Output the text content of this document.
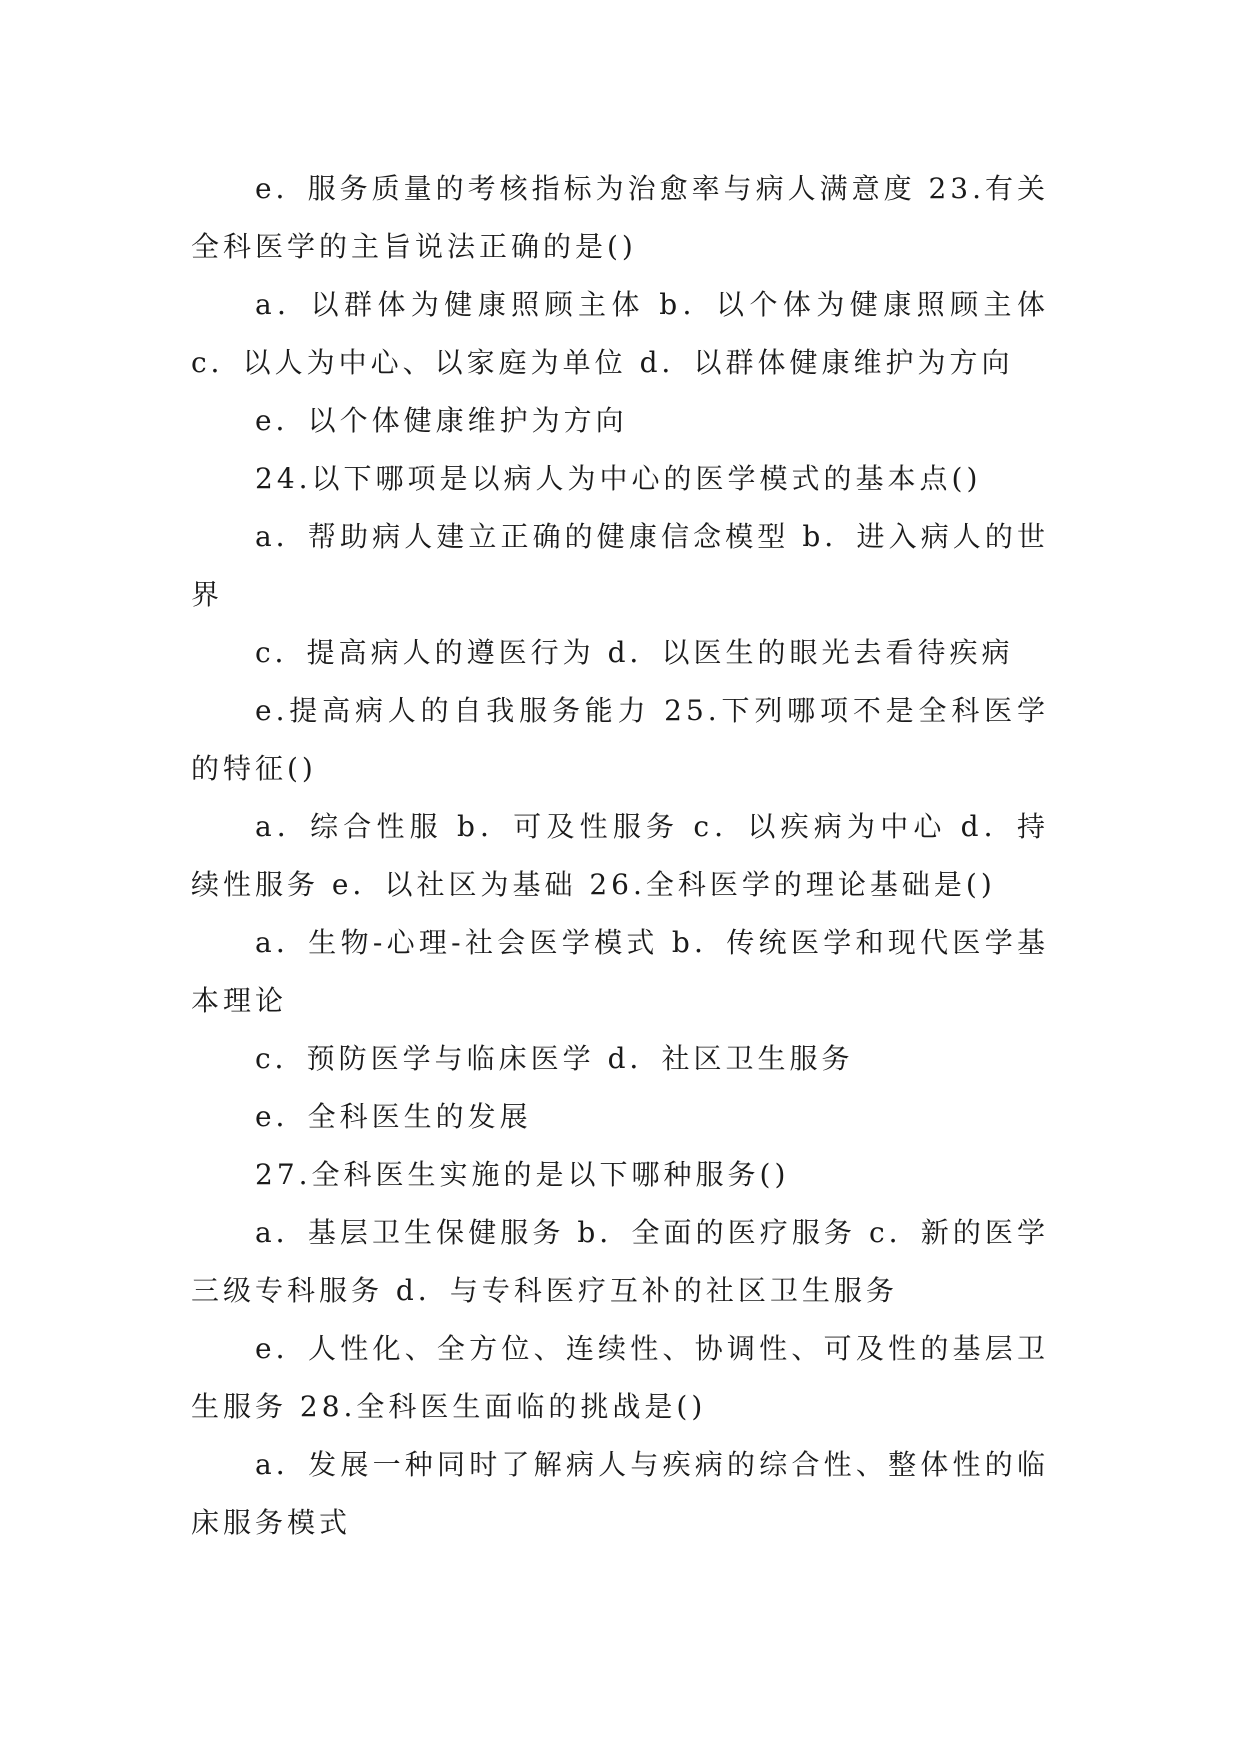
e．服务质量的考核指标为治愈率与病人满意度 23.有关全科医学的主旨说法正确的是()

a．以群体为健康照顾主体 b．以个体为健康照顾主体 c．以人为中心、以家庭为单位 d．以群体健康维护为方向

e．以个体健康维护为方向

24.以下哪项是以病人为中心的医学模式的基本点()

a．帮助病人建立正确的健康信念模型 b．进入病人的世界

c．提高病人的遵医行为 d．以医生的眼光去看待疾病

e.提高病人的自我服务能力 25.下列哪项不是全科医学的特征()

a．综合性服 b．可及性服务 c．以疾病为中心 d．持续性服务 e．以社区为基础 26.全科医学的理论基础是()

a．生物-心理-社会医学模式 b．传统医学和现代医学基本理论

c．预防医学与临床医学 d．社区卫生服务

e．全科医生的发展

27.全科医生实施的是以下哪种服务()

a．基层卫生保健服务 b．全面的医疗服务 c．新的医学三级专科服务 d．与专科医疗互补的社区卫生服务

e．人性化、全方位、连续性、协调性、可及性的基层卫生服务 28.全科医生面临的挑战是()

a．发展一种同时了解病人与疾病的综合性、整体性的临床服务模式
